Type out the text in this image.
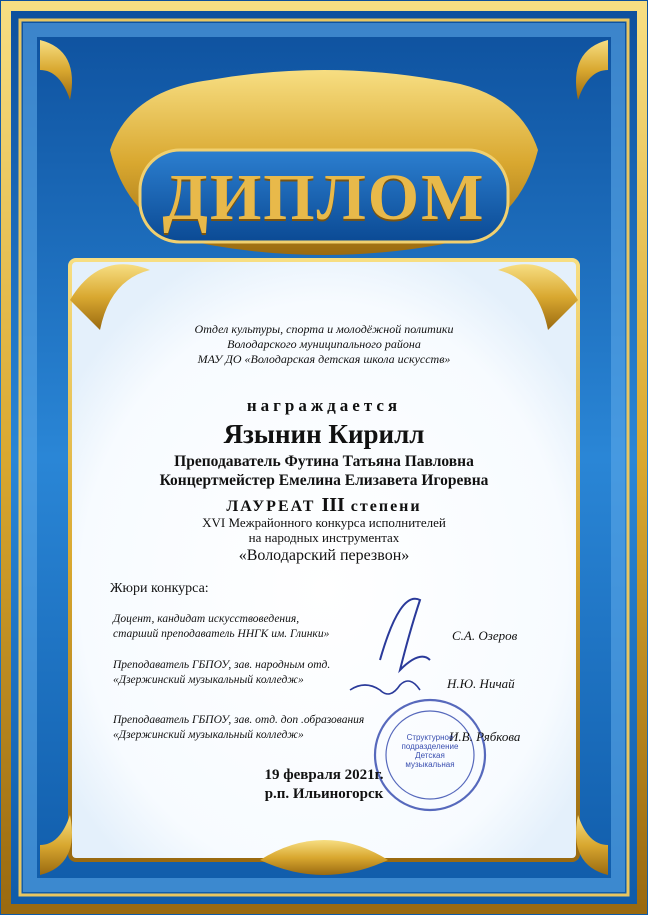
Отдел культуры, спорта и молодёжной политики
Володарского муниципального района
МАУ ДО «Володарская детская школа искусств»
ДИПЛОМ
награждается
Язынин Кирилл
Преподаватель Футина Татьяна Павловна
Концертмейстер Емелина Елизавета Игоревна
ЛАУРЕАТ III степени
XVI Межрайонного конкурса исполнителей
на народных инструментах
«Володарский перезвон»
Жюри конкурса:
Доцент, кандидат искусствоведения,
старший преподаватель ННГК им. Глинки»	С.А. Озеров
Преподаватель ГБПОУ, зав. народным отд.
«Дзержинский музыкальный колледж»	Н.Ю. Ничай
Преподаватель ГБПОУ, зав. отд. доп .образования
«Дзержинский музыкальный колледж»	И.В. Рябкова
Структурное
подразделение
Детская
музыкальная
19 февраля 2021г.
р.п. Ильиногорск
